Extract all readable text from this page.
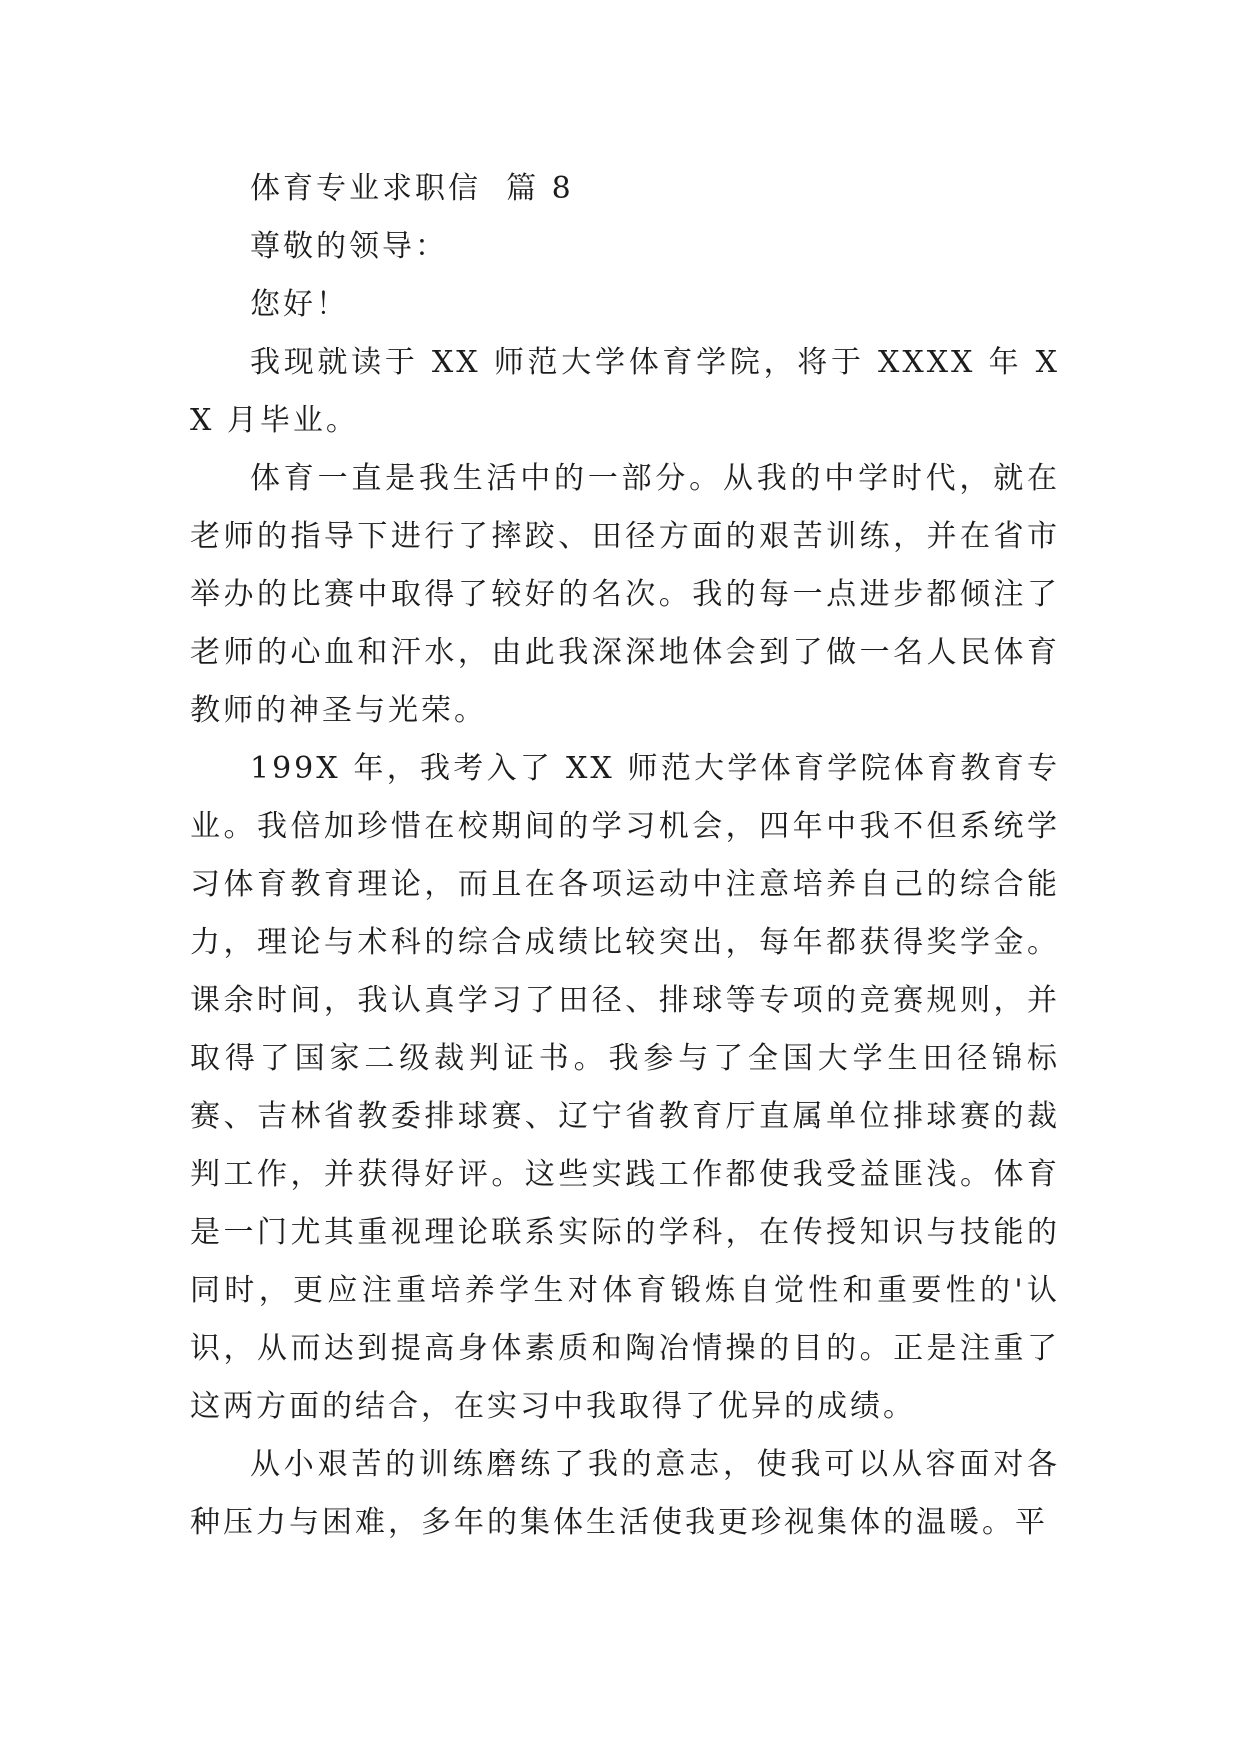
体育专业求职信  篇 8

尊敬的领导：

您好！

我现就读于 XX 师范大学体育学院，将于 XXXX 年 XX 月毕业。

体育一直是我生活中的一部分。从我的中学时代，就在老师的指导下进行了摔跤、田径方面的艰苦训练，并在省市举办的比赛中取得了较好的名次。我的每一点进步都倾注了老师的心血和汗水，由此我深深地体会到了做一名人民体育教师的神圣与光荣。

199X 年，我考入了 XX 师范大学体育学院体育教育专业。我倍加珍惜在校期间的学习机会，四年中我不但系统学习体育教育理论，而且在各项运动中注意培养自己的综合能力，理论与术科的综合成绩比较突出，每年都获得奖学金。课余时间，我认真学习了田径、排球等专项的竞赛规则，并取得了国家二级裁判证书。我参与了全国大学生田径锦标赛、吉林省教委排球赛、辽宁省教育厅直属单位排球赛的裁判工作，并获得好评。这些实践工作都使我受益匪浅。体育是一门尤其重视理论联系实际的学科，在传授知识与技能的同时，更应注重培养学生对体育锻炼自觉性和重要性的'认识，从而达到提高身体素质和陶冶情操的目的。正是注重了这两方面的结合，在实习中我取得了优异的成绩。

从小艰苦的训练磨练了我的意志，使我可以从容面对各种压力与困难，多年的集体生活使我更珍视集体的温暖。平
